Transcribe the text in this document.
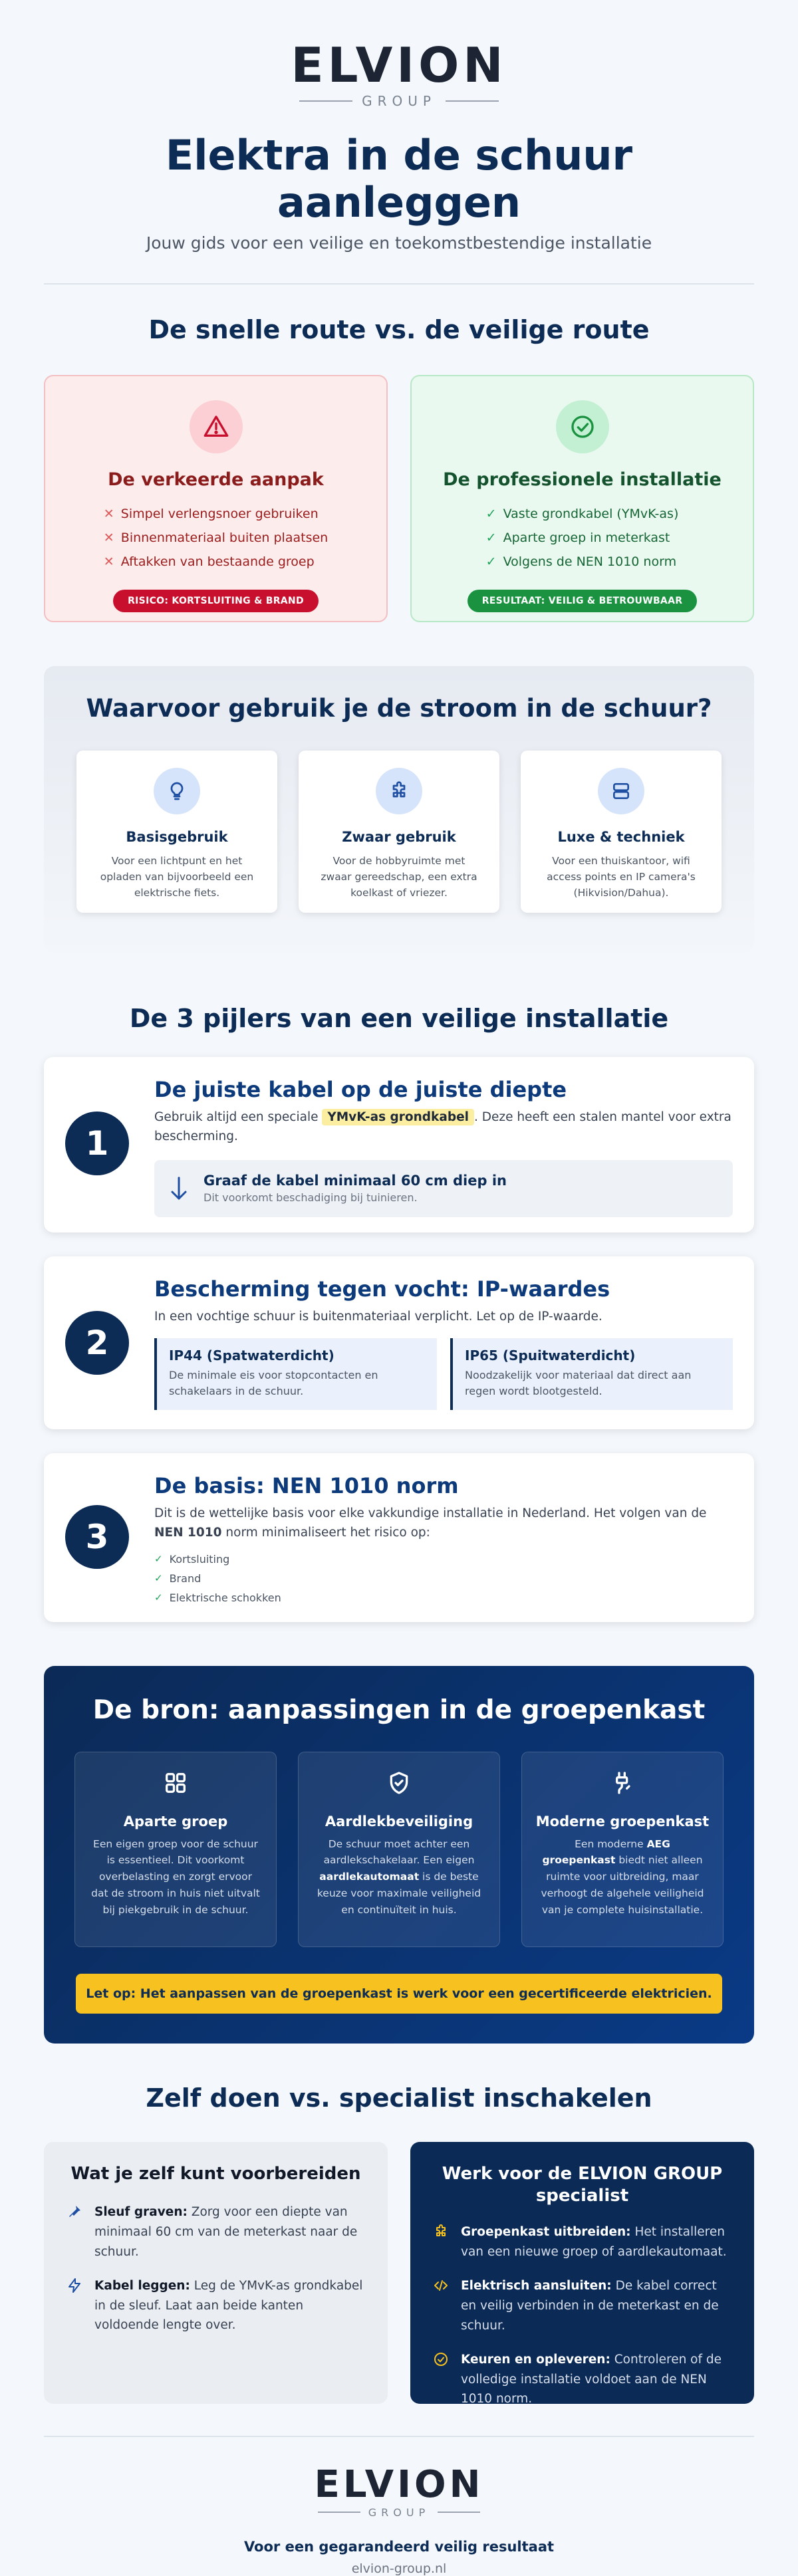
ELVION
GROUP
Elektra in de schuur aanleggen

Jouw gids voor een veilige en toekomstbestendige installatie

De snelle route vs. de veilige route
De verkeerde aanpak
✕ Simpel verlengsnoer gebruiken
✕ Binnenmateriaal buiten plaatsen
✕ Aftakken van bestaande groep
RISICO: KORTSLUITING & BRAND
De professionele installatie
✓ Vaste grondkabel (YMvK-as)
✓ Aparte groep in meterkast
✓ Volgens de NEN 1010 norm
RESULTAAT: VEILIG & BETROUWBAAR
Waarvoor gebruik je de stroom in de schuur?
Basisgebruik

Voor een lichtpunt en het opladen van bijvoorbeeld een elektrische fiets.

Zwaar gebruik

Voor de hobbyruimte met zwaar gereedschap, een extra koelkast of vriezer.

Luxe & techniek

Voor een thuiskantoor, wifi access points en IP camera's (Hikvision/Dahua).

De 3 pijlers van een veilige installatie
1
De juiste kabel op de juiste diepte

Gebruik altijd een speciale YMvK-as grondkabel . Deze heeft een stalen mantel voor extra bescherming.

Graaf de kabel minimaal 60 cm diep in
Dit voorkomt beschadiging bij tuinieren.
2
Bescherming tegen vocht: IP-waardes

In een vochtige schuur is buitenmateriaal verplicht. Let op de IP-waarde.

IP44 (Spatwaterdicht)
De minimale eis voor stopcontacten en schakelaars in de schuur.
IP65 (Spuitwaterdicht)
Noodzakelijk voor materiaal dat direct aan regen wordt blootgesteld.
3
De basis: NEN 1010 norm

Dit is de wettelijke basis voor elke vakkundige installatie in Nederland. Het volgen van de NEN 1010 norm minimaliseert het risico op:

✓ Kortsluiting
✓ Brand
✓ Elektrische schokken
De bron: aanpassingen in de groepenkast
Aparte groep

Een eigen groep voor de schuur is essentieel. Dit voorkomt overbelasting en zorgt ervoor dat de stroom in huis niet uitvalt bij piekgebruik in de schuur.

Aardlekbeveiliging

De schuur moet achter een aardlekschakelaar. Een eigen aardlekautomaat is de beste keuze voor maximale veiligheid en continuïteit in huis.

Moderne groepenkast

Een moderne AEG groepenkast biedt niet alleen ruimte voor uitbreiding, maar verhoogt de algehele veiligheid van je complete huisinstallatie.

Let op: Het aanpassen van de groepenkast is werk voor een gecertificeerde elektricien.
Zelf doen vs. specialist inschakelen
Wat je zelf kunt voorbereiden
Sleuf graven: Zorg voor een diepte van minimaal 60 cm van de meterkast naar de schuur.
Kabel leggen: Leg de YMvK-as grondkabel in de sleuf. Laat aan beide kanten voldoende lengte over.
Werk voor de ELVION GROUP specialist
Groepenkast uitbreiden: Het installeren van een nieuwe groep of aardlekautomaat.
Elektrisch aansluiten: De kabel correct en veilig verbinden in de meterkast en de schuur.
Keuren en opleveren: Controleren of de volledige installatie voldoet aan de NEN 1010 norm.
ELVION
GROUP
Voor een gegarandeerd veilig resultaat
elvion-group.nl
